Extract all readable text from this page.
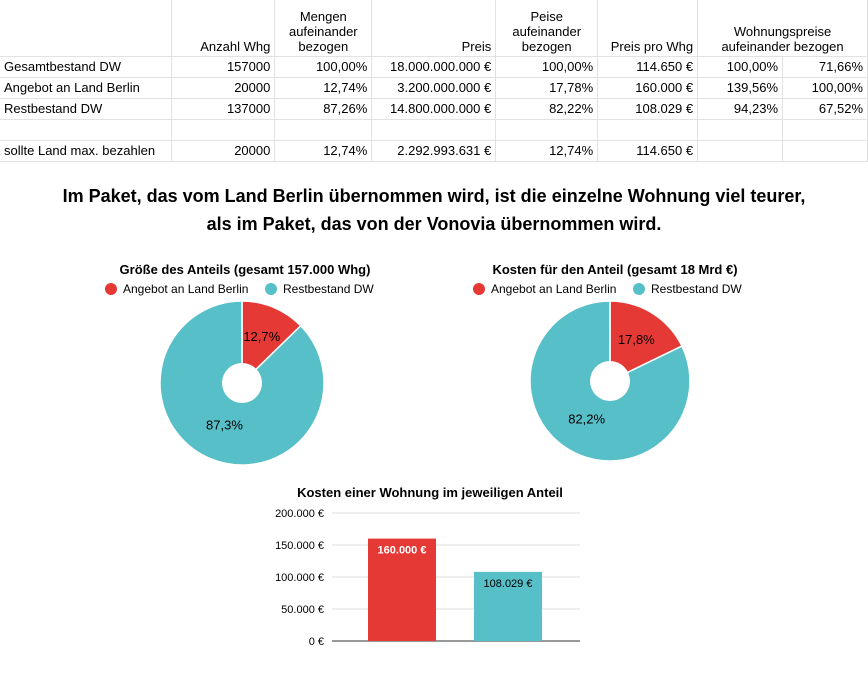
	Anzahl Whg	Mengen aufeinander bezogen	Preis	Peise aufeinander bezogen	Preis pro Whg	Wohnungspreise aufeinander bezogen	
Gesamtbestand DW	157000	100,00%	18.000.000.000 €	100,00%	114.650 €	100,00%	71,66%
Angebot an Land Berlin	20000	12,74%	3.200.000.000 €	17,78%	160.000 €	139,56%	100,00%
Restbestand DW	137000	87,26%	14.800.000.000 €	82,22%	108.029 €	94,23%	67,52%

sollte Land max. bezahlen	20000	12,74%	2.292.993.631 €	12,74%	114.650 €		
Im Paket, das vom Land Berlin übernommen wird, ist die einzelne Wohnung viel teurer,
als im Paket, das von der Vonovia übernommen wird.
Größe des Anteils (gesamt 157.000 Whg)
Angebot an Land Berlin	Restbestand DW
12,7%
87,3%
Kosten für den Anteil (gesamt 18 Mrd €)
Angebot an Land Berlin	Restbestand DW
17,8%
82,2%
Kosten einer Wohnung im jeweiligen Anteil
0 €
50.000 €
100.000 €
150.000 €
200.000 €
160.000 €
108.029 €
